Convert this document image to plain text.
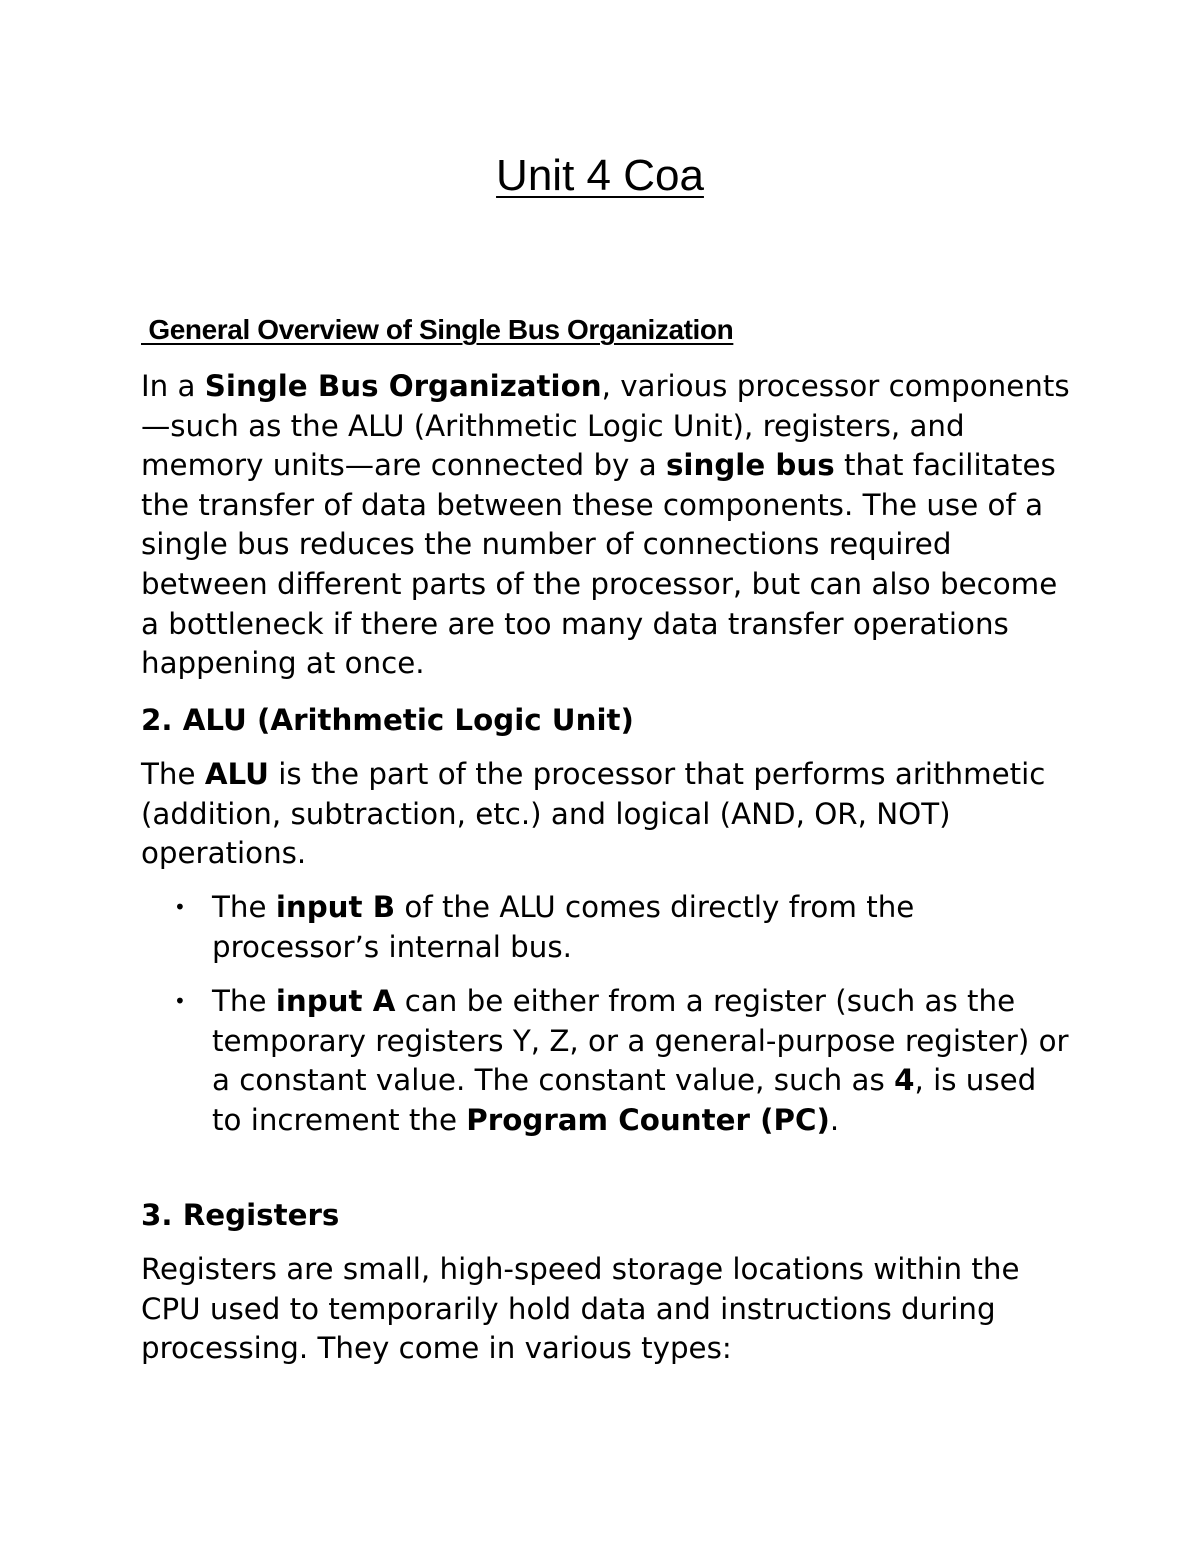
Unit 4 Coa
General Overview of Single Bus Organization

In a Single Bus Organization, various processor components—such as the ALU (Arithmetic Logic Unit), registers, and memory units—are connected by a single bus that facilitates the transfer of data between these components. The use of a single bus reduces the number of connections required between different parts of the processor, but can also become a bottleneck if there are too many data transfer operations happening at once.

2. ALU (Arithmetic Logic Unit)

The ALU is the part of the processor that performs arithmetic (addition, subtraction, etc.) and logical (AND, OR, NOT) operations.

• The input B of the ALU comes directly from the processor’s internal bus.

• The input A can be either from a register (such as the temporary registers Y, Z, or a general-purpose register) or a constant value. The constant value, such as 4, is used to increment the Program Counter (PC).

3. Registers

Registers are small, high-speed storage locations within the CPU used to temporarily hold data and instructions during processing. They come in various types:
